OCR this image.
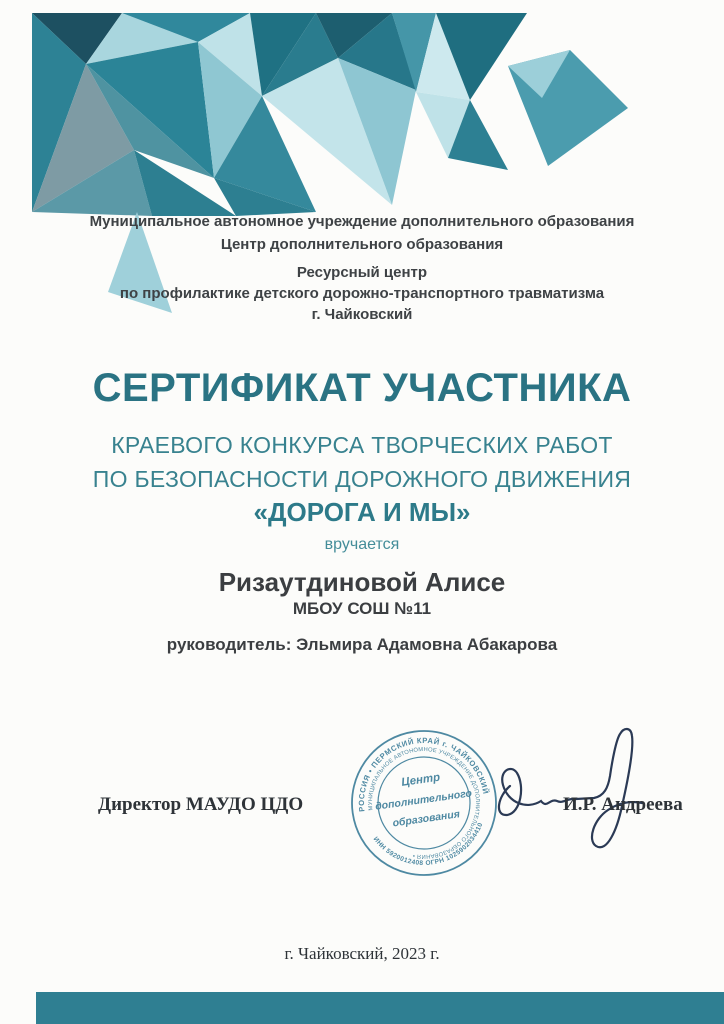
Муниципальное автономное учреждение дополнительного образования
Центр дополнительного образования
Ресурсный центр
по профилактике детского дорожно-транспортного травматизма
г. Чайковский
СЕРТИФИКАТ УЧАСТНИКА
КРАЕВОГО КОНКУРСА ТВОРЧЕСКИХ РАБОТ
ПО БЕЗОПАСНОСТИ ДОРОЖНОГО ДВИЖЕНИЯ
«ДОРОГА И МЫ»
вручается
Ризаутдиновой Алисе
МБОУ СОШ №11
руководитель: Эльмира Адамовна Абакарова
РОССИЯ • ПЕРМСКИЙ КРАЙ г. ЧАЙКОВСКИЙ
ИНН 5920012408 ОГРН 1025902034410
МУНИЦИПАЛЬНОЕ АВТОНОМНОЕ УЧРЕЖДЕНИЕ ДОПОЛНИТЕЛЬНОГО ОБРАЗОВАНИЯ •
Центр
дополнительного
образования
Директор МАУДО ЦДО	И.Р. Андреева
г. Чайковский, 2023 г.
